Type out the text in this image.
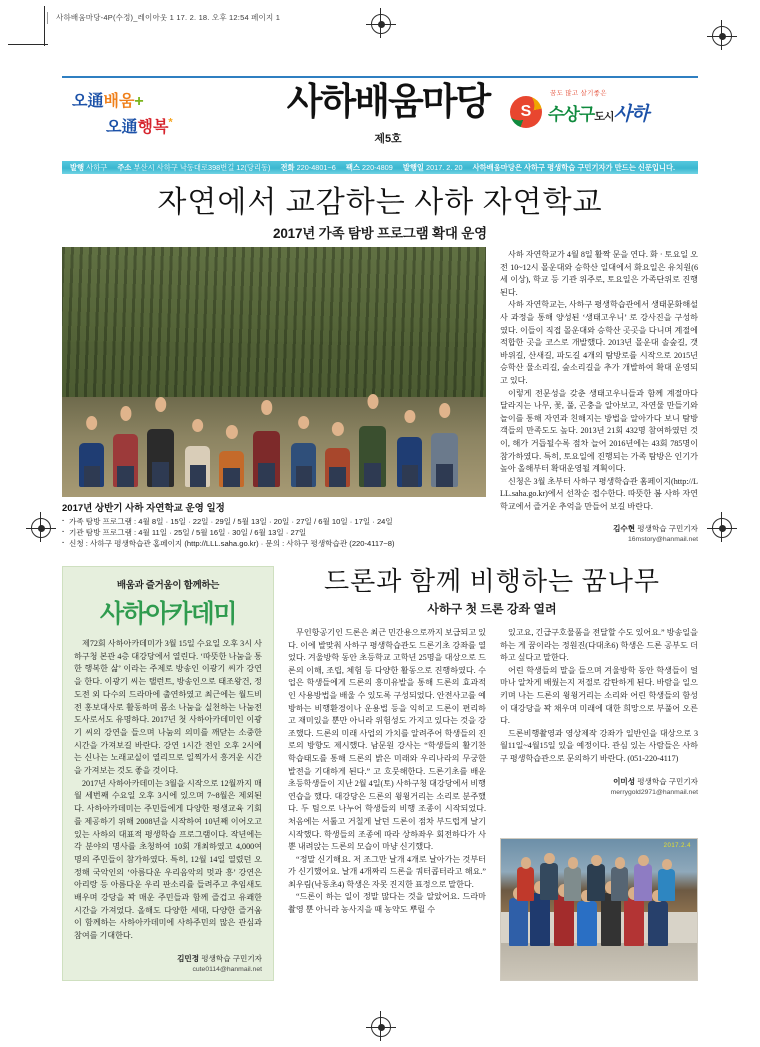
사하배움마당-4P(수정)_레이아웃 1 17. 2. 18. 오후 12:54 페이지 1
오通배움+
오通행복*
사하배움마당
제5호
S
꿈도 많고 살기좋은
수상구도시사하
발행 사하구 주소 부산시 사하구 낙동대로398번길 12(당리동) 전화 220-4801~6 팩스 220-4809 발행일 2017. 2. 20 사하배움마당은 사하구 평생학습 구민기자가 만드는 신문입니다.
자연에서 교감하는 사하 자연학교
2017년 가족 탐방 프로그램 확대 운영

사하 자연학교가 4월 8일 활짝 문을 연다. 화 · 토요일 오전 10~12시 몰운대와 승학산 일대에서 화요일은 유치원(6세 이상), 학교 등 기관 위주로, 토요일은 가족단위로 진행된다.

사하 자연학교는, 사하구 평생학습관에서 생태문화해설사 과정을 통해 양성된 ‘생태고우니’ 로 강사진을 구성하였다. 이들이 직접 몰운대와 승학산 곳곳을 다니며 계절에 적합한 곳을 코스로 개발했다. 2013년 몰운대 솔숲길, 갯바위길, 산새길, 파도길 4개의 탐방로를 시작으로 2015년 승학산 물소리길, 숲소리길을 추가 개발하여 확대 운영되고 있다.

이렇게 전문성을 갖춘 생태고우니들과 함께 계절마다 달라지는 나무, 꽃, 풀, 곤충을 알아보고, 자연물 만들기와 놀이를 통해 자연과 친해지는 방법을 알아가다 보니 탐방객들의 만족도도 높다. 2013년 21회 432명 참여하였던 것이, 해가 거듭될수록 점차 늘어 2016년에는 43회 785명이 참가하였다. 특히, 토요일에 진행되는 가족 탐방은 인기가 높아 올해부터 확대운영될 계획이다.

신청은 3월 초부터 사하구 평생학습관 홈페이지(http://LLL.saha.go.kr)에서 선착순 접수한다. 따뜻한 봄 사하 자연학교에서 즐거운 추억을 만들어 보길 바란다.

김수현 평생학습 구민기자
16mstory@hanmail.net
2017년 상반기 사하 자연학교 운영 일정
· 가족 탐방 프로그램 : 4월 8일 · 15일 · 22일 · 29일 / 5월 13일 · 20일 · 27일 / 6월 10일 · 17일 · 24일
· 기관 탐방 프로그램 : 4월 11일 · 25일 / 5월 16일 · 30일 / 6월 13일 · 27일
· 신청 : 사하구 평생학습관 홈페이지 (http://LLL.saha.go.kr) · 문의 : 사하구 평생학습관 (220-4117~8)
배움과 즐거움이 함께하는
사하아카데미

제72회 사하아카데미가 3월 15일 수요일 오후 3시 사하구청 본관 4층 대강당에서 열린다. ‘따뜻한 나눔을 통한 행복한 삶’ 이라는 주제로 방송인 이광기 씨가 강연을 한다. 이광기 씨는 탤런트, 방송인으로 태조왕건, 정도전 외 다수의 드라마에 출연하였고 최근에는 월드비전 홍보대사로 활동하며 몸소 나눔을 실천하는 나눔전도사로서도 유명하다. 2017년 첫 사하아카데미인 이광기 씨의 강연을 들으며 나눔의 의미를 깨닫는 소중한 시간을 가져보길 바란다. 강연 1시간 전인 오후 2시에는 신나는 노래교실이 열리므로 일찍가서 흥겨운 시간을 가져보는 것도 좋을 것이다.

2017년 사하아카데미는 3월을 시작으로 12월까지 매월 세번째 수요일 오후 3시에 있으며 7~8월은 제외된다. 사하아카데미는 주민들에게 다양한 평생교육 기회를 제공하기 위해 2008년을 시작하여 10년째 이어오고 있는 사하의 대표적 평생학습 프로그램이다. 작년에는 각 분야의 명사를 초청하여 10회 개최하였고 4,000여 명의 주민들이 참가하였다. 특히, 12월 14일 열렸던 오정해 국악인의 ‘아름다운 우리음악의 멋과 흥’ 강연은 아리랑 등 아름다운 우리 판소리를 들려주고 추임새도 배우며 강당을 꽉 매운 주민들과 함께 즐겁고 유쾌한 시간을 가져었다. 올해도 다양한 세대, 다양한 즐거움이 함께하는 사하아카데미에 사하주민의 많은 관심과 참여를 기대한다.

김민정 평생학습 구민기자
cute0114@hanmail.net
드론과 함께 비행하는 꿈나무
사하구 첫 드론 강좌 열려

무인항공기인 드론은 최근 민간용으로까지 보급되고 있다. 이에 발맞춰 사하구 평생학습관도 드론기초 강좌를 열었다. 겨울방학 동안 초등학교 고학년 25명을 대상으로 드론의 이해, 조립, 체험 등 다양한 활동으로 진행하였다. 수업은 학생들에게 드론의 흥미유발을 통해 드론의 효과적인 사용방법을 배울 수 있도록 구성되었다. 안전사고를 예방하는 비행환경이나 운용법 등을 익히고 드론이 편리하고 재미있을 뿐만 아니라 위험성도 가지고 있다는 것을 강조했다. 드론의 미래 사업의 가치를 알려주어 학생들의 진로의 방향도 제시했다. 남문원 강사는 “학생들의 활기찬 학습태도를 통해 드론의 밝은 미래와 우리나라의 무궁한 발전을 기대하게 된다.” 고 흐뭇해한다. 드론기초를 배운 초등학생들이 지난 2월 4일(토) 사하구청 대강당에서 비행 연습을 했다. 대강당은 드론의 윙윙거리는 소리로 분주했다. 두 팀으로 나누어 학생들의 비행 조종이 시작되었다. 처음에는 서툴고 거칠게 날던 드론이 점차 부드럽게 날기 시작했다. 학생들의 조종에 따라 상하좌우 회전하다가 사뿐 내려앉는 드론의 모습이 마냥 신기했다.

“정말 신기해요. 저 조그만 날개 4개로 날아가는 것부터가 신기했어요. 날개 4개짜리 드론을 쿼터콥터라고 해요.” 최우림(낙동초4) 학생은 자못 진지한 표정으로 말한다.

“드론이 하는 일이 정말 많다는 것을 알았어요. 드라마 촬영 뿐 아니라 농사지을 때 농약도 뿌릴 수

있고요, 긴급구호물품을 전달할 수도 있어요.” 방송일을 하는 게 꿈이라는 정원진(다대초6) 학생은 드론 공부도 더 하고 싶다고 말한다.

어린 학생들의 말을 들으며 겨울방학 동안 학생들이 얼마나 알차게 배웠는지 저절로 감탄하게 된다. 바람을 일으키며 나는 드론의 윙윙거리는 소리와 어린 학생들의 함성이 대강당을 꽉 채우며 미래에 대한 희망으로 부풀어 오른다.

드론비행촬영과 영상제작 강좌가 일반인을 대상으로 3월11일~4월15일 있을 예정이다. 관심 있는 사람들은 사하구 평생학습관으로 문의하기 바란다. (051-220-4117)

이미성 평생학습 구민기자
merrygold2971@hanmail.net
2017.2.4
